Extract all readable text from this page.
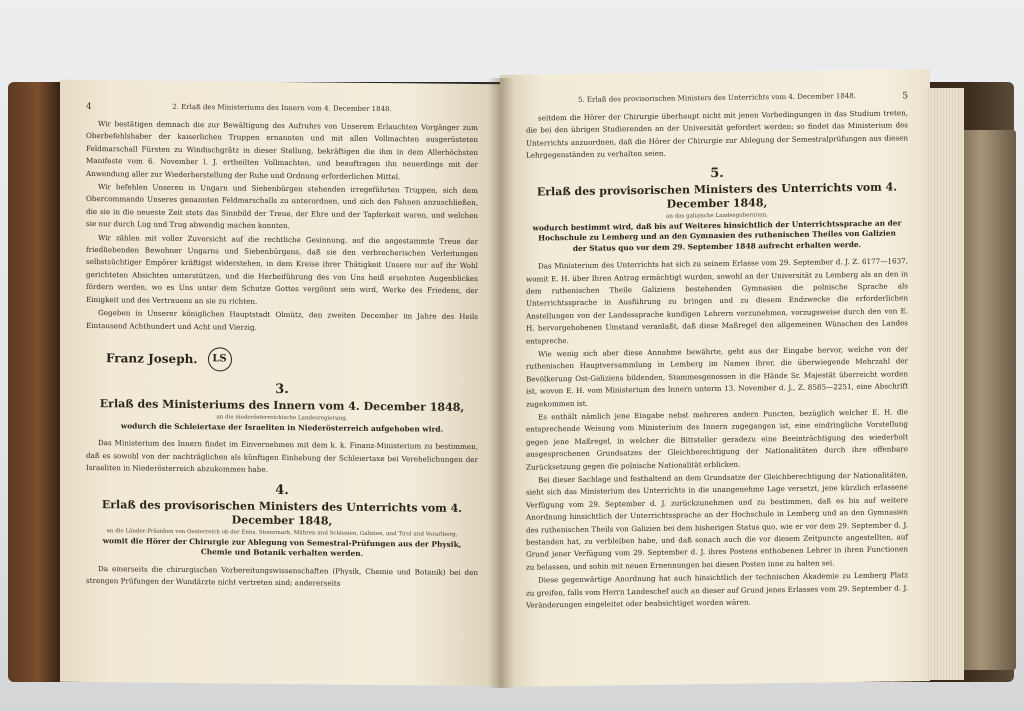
4	2. Erlaß des Ministeriums des Innern vom 4. December 1848.

Wir bestätigen demnach die zur Bewältigung des Aufruhrs von Unserem Erlauchten Vorgänger zum Oberbefehlshaber der kaiserlichen Truppen ernannten und mit allen Vollmachten ausgerüsteten Feldmarschall Fürsten zu Windischgrätz in dieser Stellung, bekräftigen die ihm in dem Allerhöchsten Manifeste vom 6. November l. J. ertheilten Vollmachten, und beauftragen ihn neuerdings mit der Anwendung aller zur Wiederherstellung der Ruhe und Ordnung erforderlichen Mittel.

Wir befehlen Unseren in Ungarn und Siebenbürgen stehenden irregeführten Truppen, sich dem Obercommando Unseres genannten Feldmarschalls zu unterordnen, und sich den Fahnen anzuschließen, die sie in die neueste Zeit stets das Sinnbild der Treue, der Ehre und der Tapferkeit waren, und welchen sie nur durch Lug und Trug abwendig machen konnten.

Wir zählen mit voller Zuversicht auf die rechtliche Gesinnung, auf die angestammte Treue der friedliebenden Bewohner Ungarns und Siebenbürgens, daß sie den verbrecherischen Verleitungen selbstsüchtiger Empörer kräftigst widerstehen, in dem Kreise ihrer Thätigkeit Unsere nur auf ihr Wohl gerichteten Absichten unterstützen, und die Herbeiführung des von Uns heiß ersehnten Augenblickes fördern werden, wo es Uns unter dem Schutze Gottes vergönnt sein wird, Werke des Friedens, der Einigkeit und des Vertrauens an sie zu richten.

Gegeben in Unserer königlichen Hauptstadt Olmütz, den zweiten December im Jahre des Heils Eintausend Achthundert und Acht und Vierzig.

Franz Joseph.	LS
3.
Erlaß des Ministeriums des Innern vom 4. December 1848,
an die niederösterreichische Landesregierung,
wodurch die Schleiertaxe der Israeliten in Niederösterreich aufgehoben wird.

Das Ministerium des Innern findet im Einvernehmen mit dem k. k. Finanz-Ministerium zu bestimmen, daß es sowohl von der nachträglichen als künftigen Einhebung der Schleiertaxe bei Verehelichungen der Israeliten in Niederösterreich abzukommen habe.

4.
Erlaß des provisorischen Ministers des Unterrichts vom 4. December 1848,
an die Länder-Präsidien von Oesterreich ob der Enns, Steiermark, Mähren und Schlesien, Galizien, und Tirol und Vorarlberg,
womit die Hörer der Chirurgie zur Ablegung von Semestral-Prüfungen aus der Physik, Chemie und Botanik verhalten werden.

Da einerseits die chirurgischen Vorbereitungswissenschaften (Physik, Chemie und Botanik) bei den strengen Prüfungen der Wundärzte nicht vertreten sind; andererseits

5. Erlaß des provisorischen Ministers des Unterrichts vom 4. December 1848.	5

seitdem die Hörer der Chirurgie überhaupt nicht mit jenen Vorbedingungen in das Studium treten, die bei den übrigen Studierenden an der Universität gefordert werden; so findet das Ministerium des Unterrichts anzuordnen, daß die Hörer der Chirurgie zur Ablegung der Semestralprüfungen aus diesen Lehrgegenständen zu verhalten seien.

5.
Erlaß des provisorischen Ministers des Unterrichts vom 4. December 1848,
an das galizische Landesgubernium,
wodurch bestimmt wird, daß bis auf Weiteres hinsichtlich der Unterrichtssprache an der Hochschule zu Lemberg und an den Gymnasien des ruthenischen Theiles von Galizien der Status quo vor dem 29. September 1848 aufrecht erhalten werde.

Das Ministerium des Unterrichts hat sich zu seinem Erlasse vom 29. September d. J. Z. 6177—1637, womit E. H. über Ihren Antrag ermächtigt wurden, sowohl an der Universität zu Lemberg als an den in dem ruthenischen Theile Galiziens bestehenden Gymnasien die polnische Sprache als Unterrichtssprache in Ausführung zu bringen und zu diesem Endzwecke die erforderlichen Anstellungen von der Landessprache kundigen Lehrern vorzunehmen, vorzugsweise durch den von E. H. hervorgehobenen Umstand veranlaßt, daß diese Maßregel den allgemeinen Wünschen des Landes entspreche.

Wie wenig sich aber diese Annahme bewährte, geht aus der Eingabe hervor, welche von der ruthenischen Hauptversammlung in Lemberg im Namen ihrer, die überwiegende Mehrzahl der Bevölkerung Ost-Galiziens bildenden, Stammesgenossen in die Hände Sr. Majestät überreicht worden ist, wovon E. H. vom Ministerium des Innern unterm 13. November d. J., Z. 8585—2251, eine Abschrift zugekommen ist.

Es enthält nämlich jene Eingabe nebst mehreren andern Puncten, bezüglich welcher E. H. die entsprechende Weisung vom Ministerium des Innern zugegangen ist, eine eindringliche Vorstellung gegen jene Maßregel, in welcher die Bittsteller geradezu eine Beeinträchtigung des wiederholt ausgesprochenen Grundsatzes der Gleichberechtigung der Nationalitäten durch ihre offenbare Zurücksetzung gegen die polnische Nationalität erblicken.

Bei dieser Sachlage und festhaltend an dem Grundsatze der Gleichberechtigung der Nationalitäten, sieht sich das Ministerium des Unterrichts in die unangenehme Lage versetzt, jene kürzlich erlassene Verfügung vom 29. September d. J. zurückzunehmen und zu bestimmen, daß es bis auf weitere Anordnung hinsichtlich der Unterrichtssprache an der Hochschule in Lemberg und an den Gymnasien des ruthenischen Theils von Galizien bei dem bisherigen Status quo, wie er vor dem 29. September d. J. bestanden hat, zu verbleiben habe, und daß sonach auch die vor diesem Zeitpuncte angestellten, auf Grund jener Verfügung vom 29. September d. J. ihres Postens enthobenen Lehrer in ihren Functionen zu belassen, und sohin mit neuen Ernennungen bei diesen Posten inne zu halten sei.

Diese gegenwärtige Anordnung hat auch hinsichtlich der technischen Akademie zu Lemberg Platz zu greifen, falls vom Herrn Landeschef auch an dieser auf Grund jenes Erlasses vom 29. September d. J. Veränderungen eingeleitet oder beabsichtiget worden wären.
